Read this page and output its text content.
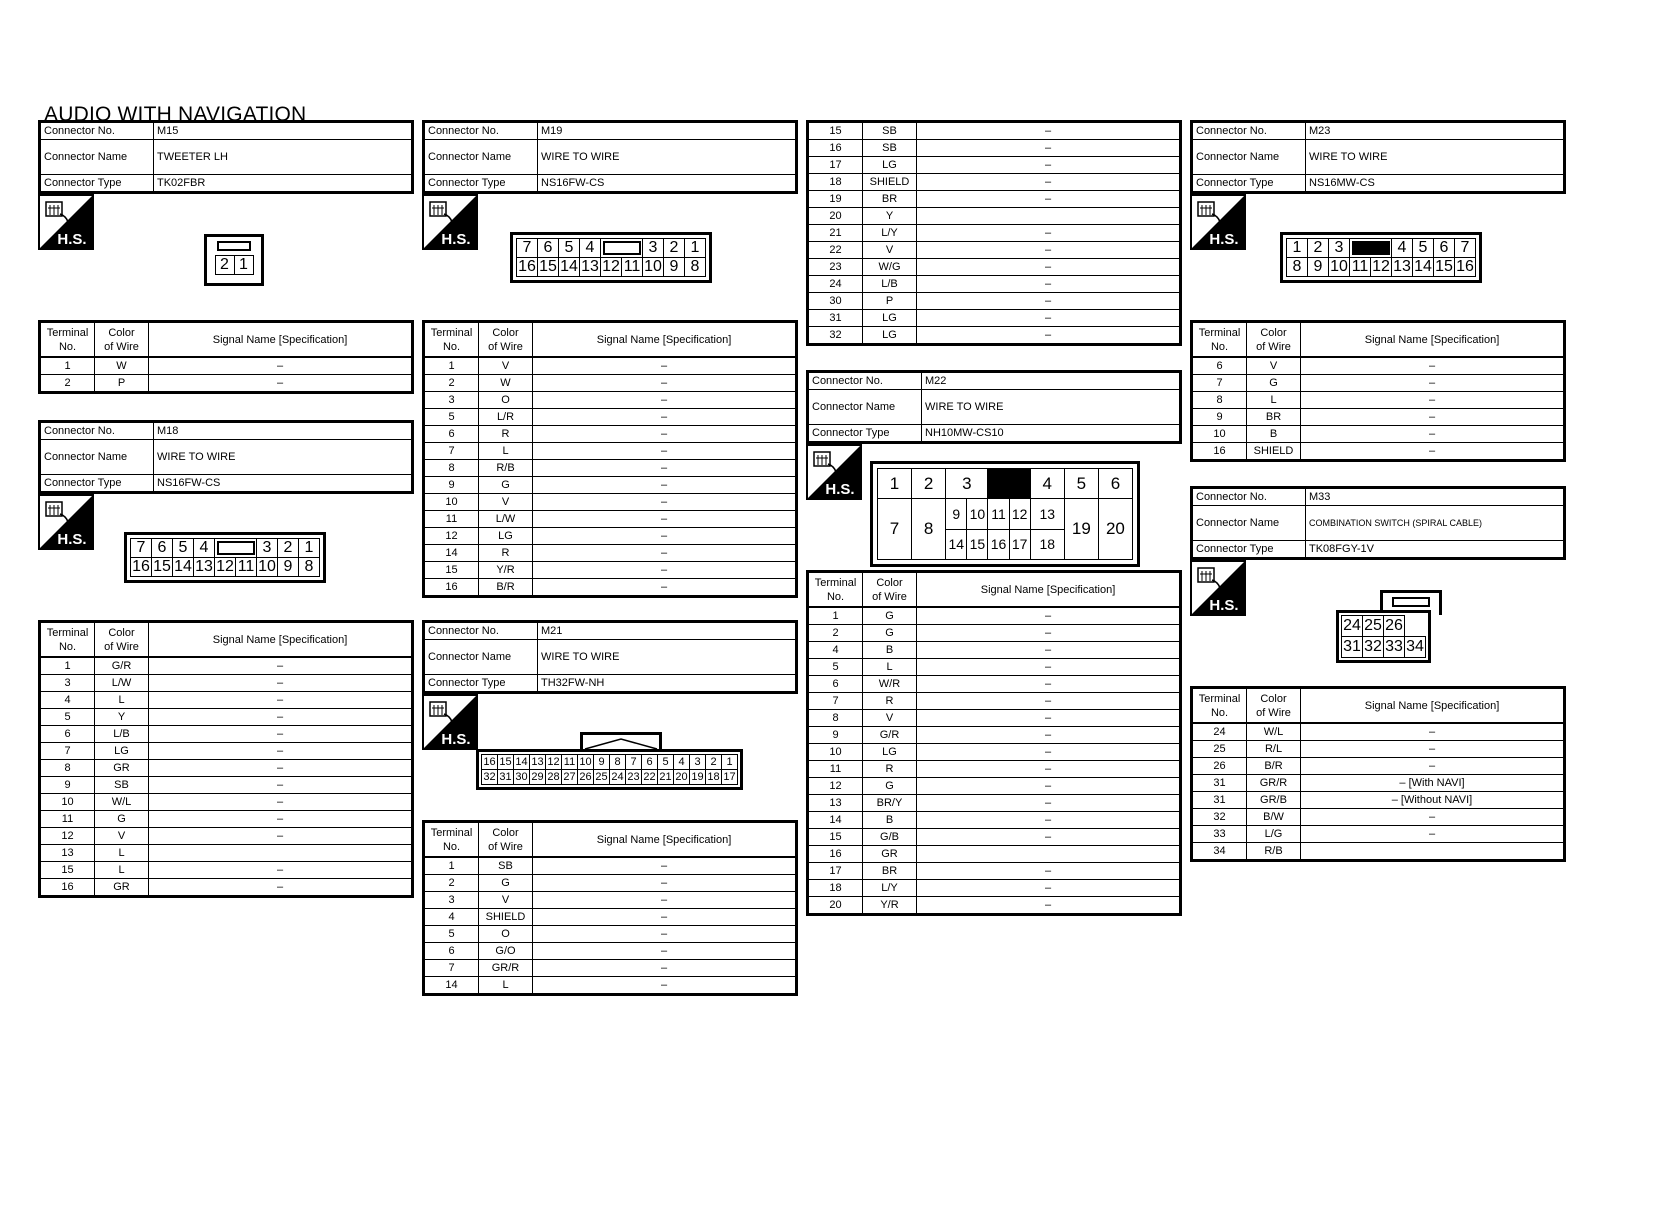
AUDIO WITH NAVIGATION
Connector No.	M15
Connector Name	TWEETER LH
Connector Type	TK02FBR
H.S.
2	1
Terminal
No.	Color
of Wire	Signal Name [Specification]
1	W	–
2	P	–
Connector No.	M18
Connector Name	WIRE TO WIRE
Connector Type	NS16FW-CS
H.S.	7	6	5	4			3	2	1
16	15	14	13	12	11	10	9	8
Terminal
No.	Color
of Wire	Signal Name [Specification]
1	G/R	–
3	L/W	–
4	L	–
5	Y	–
6	L/B	–
7	LG	–
8	GR	–
9	SB	–
10	W/L	–
11	G	–
12	V	–
13	L	
15	L	–
16	GR	–
Connector No.	M19
Connector Name	WIRE TO WIRE
Connector Type	NS16FW-CS
H.S.	7	6	5	4			3	2	1
16	15	14	13	12	11	10	9	8
Terminal
No.	Color
of Wire	Signal Name [Specification]
1	V	–
2	W	–
3	O	–
5	L/R	–
6	R	–
7	L	–
8	R/B	–
9	G	–
10	V	–
11	L/W	–
12	LG	–
14	R	–
15	Y/R	–
16	B/R	–
Connector No.	M21
Connector Name	WIRE TO WIRE
Connector Type	TH32FW-NH
H.S.
16	15	14	13	12	11	10	9	8	7	6	5	4	3	2	1
32	31	30	29	28	27	26	25	24	23	22	21	20	19	18	17
Terminal
No.	Color
of Wire	Signal Name [Specification]
1	SB	–
2	G	–
3	V	–
4	SHIELD	–
5	O	–
6	G/O	–
7	GR/R	–
14	L	–
15	SB	–
16	SB	–
17	LG	–
18	SHIELD	–
19	BR	–
20	Y	
21	L/Y	–
22	V	–
23	W/G	–
24	L/B	–
30	P	–
31	LG	–
32	LG	–
Connector No.	M22
Connector Name	WIRE TO WIRE
Connector Type	NH10MW-CS10
H.S. 1	2	3				4	5	6
7	8	9	10	11	12	13	19	20
		14	15	16	17	18		
Terminal
No.	Color
of Wire	Signal Name [Specification]
1	G	–
2	G	–
4	B	–
5	L	–
6	W/R	–
7	R	–
8	V	–
9	G/R	–
10	LG	–
11	R	–
12	G	–
13	BR/Y	–
14	B	–
15	G/B	–
16	GR	
17	BR	–
18	L/Y	–
20	Y/R	–
Connector No.	M23
Connector Name	WIRE TO WIRE
Connector Type	NS16MW-CS
H.S.	1	2	3			4	5	6	7
8	9	10	11	12	13	14	15	16
Terminal
No.	Color
of Wire	Signal Name [Specification]
6	V	–
7	G	–
8	L	–
9	BR	–
10	B	–
16	SHIELD	–
Connector No.	M33
Connector Name	COMBINATION SWITCH (SPIRAL CABLE)
Connector Type	TK08FGY-1V
H.S.
24	25	26	
31	32	33	34
Terminal
No.	Color
of Wire	Signal Name [Specification]
24	W/L	–
25	R/L	–
26	B/R	–
31	GR/R	– [With NAVI]
31	GR/B	– [Without NAVI]
32	B/W	–
33	L/G	–
34	R/B	
